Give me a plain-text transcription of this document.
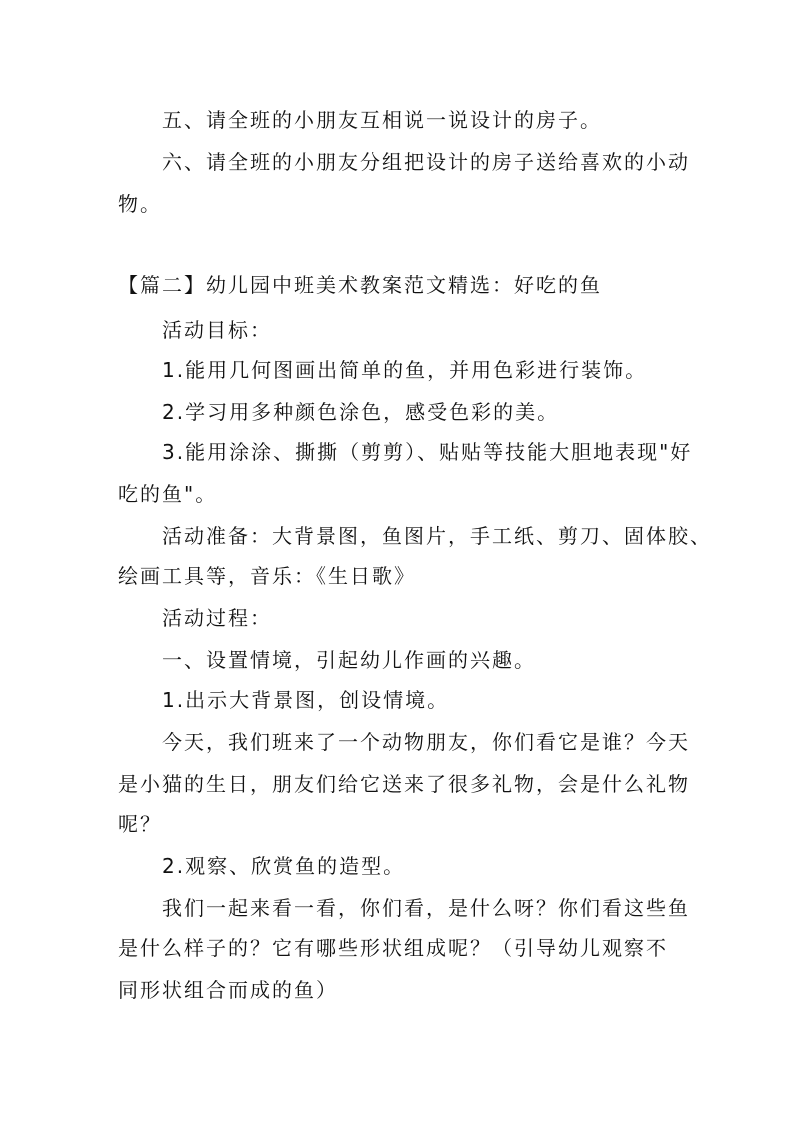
五、请全班的小朋友互相说一说设计的房子。
六、请全班的小朋友分组把设计的房子送给喜欢的小动
物。
【篇二】幼儿园中班美术教案范文精选：好吃的鱼
活动目标：
1.能用几何图画出简单的鱼，并用色彩进行装饰。
2.学习用多种颜色涂色，感受色彩的美。
3.能用涂涂、撕撕（剪剪）、贴贴等技能大胆地表现"好
吃的鱼"。
活动准备：大背景图，鱼图片，手工纸、剪刀、固体胶、
绘画工具等，音乐：《生日歌》
活动过程：
一、设置情境，引起幼儿作画的兴趣。
1.出示大背景图，创设情境。
今天，我们班来了一个动物朋友，你们看它是谁？今天
是小猫的生日，朋友们给它送来了很多礼物，会是什么礼物
呢？
2.观察、欣赏鱼的造型。
我们一起来看一看，你们看，是什么呀？你们看这些鱼
是什么样子的？它有哪些形状组成呢？（引导幼儿观察不
同形状组合而成的鱼）
